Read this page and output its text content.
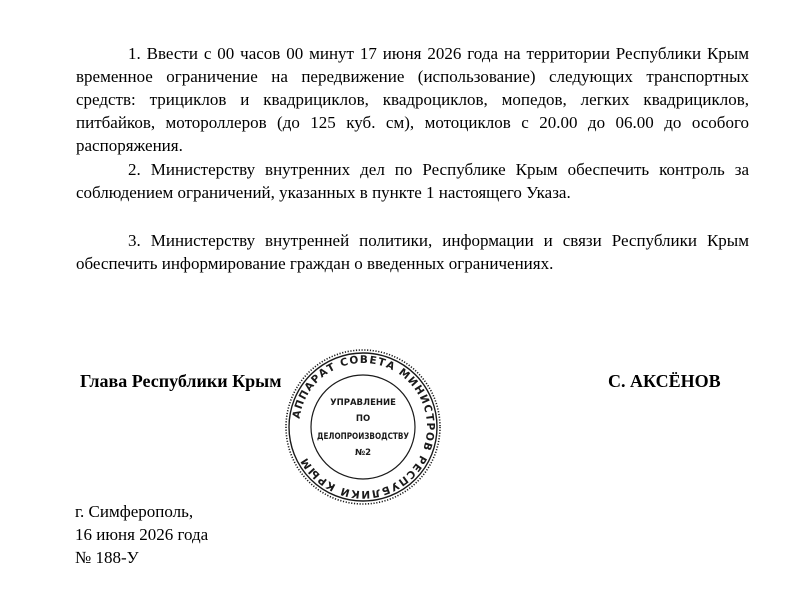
1. Ввести с 00 часов 00 минут 17 июня 2026 года на территории Республики Крым временное ограничение на передвижение (использование) следующих транспортных средств: трициклов и квадрициклов, квадроциклов, мопедов, легких квадрициклов, питбайков, мотороллеров (до 125 куб. см), мотоциклов с 20.00 до 06.00 до особого распоряжения.

2. Министерству внутренних дел по Республике Крым обеспечить контроль за соблюдением ограничений, указанных в пункте 1 настоящего Указа.

3. Министерству внутренней политики, информации и связи Республики Крым обеспечить информирование граждан о введенных ограничениях.

Глава Республики Крым	С. АКСЁНОВ
АППАРАТ СОВЕТА МИНИСТРОВ РЕСПУБЛИКИ КРЫМ
УПРАВЛЕНИЕ
ПО
ДЕЛОПРОИЗВОДСТВУ
№2
г. Симферополь,
16 июня 2026 года
№ 188-У
